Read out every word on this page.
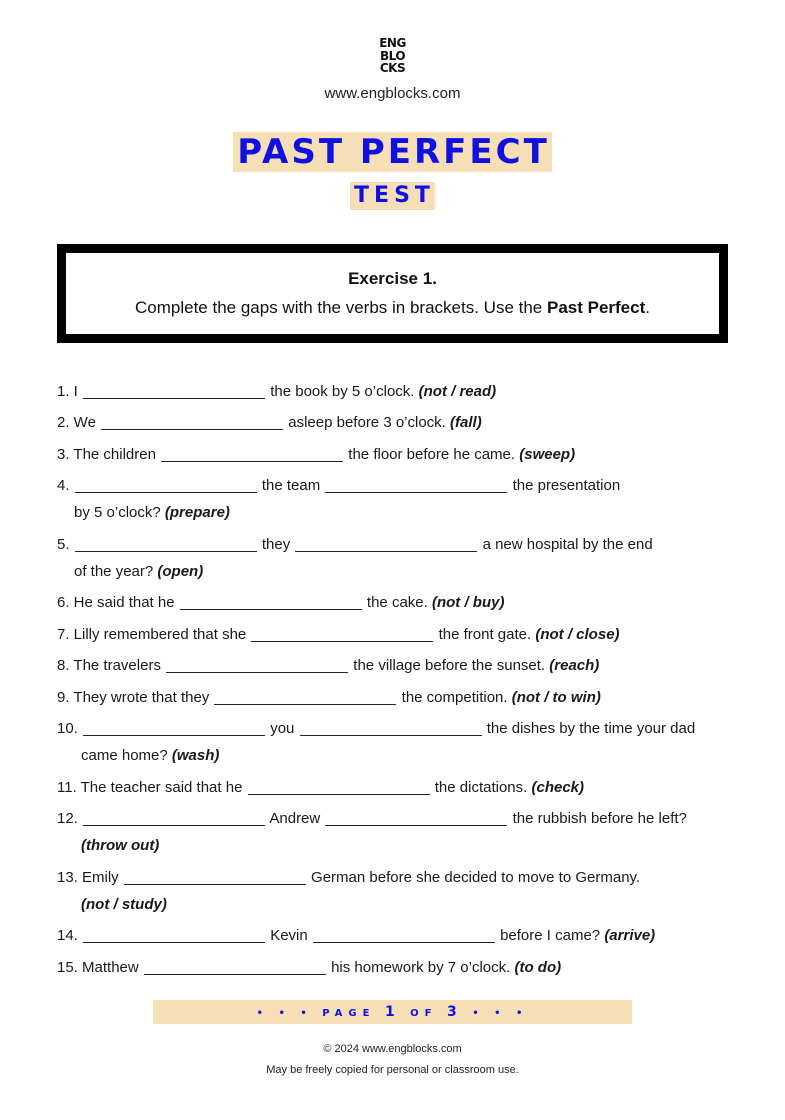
ENG
BLO
CKS
www.engblocks.com
PAST PERFECT
TEST
Exercise 1.
Complete the gaps with the verbs in brackets. Use the Past Perfect.
1. I	the book by 5 o’clock. (not / read)
2. We	asleep before 3 o’clock. (fall)
3. The children	the floor before he came. (sweep)
4.	the team	the presentation
by 5 o’clock? (prepare)
5.	they	a new hospital by the end
of the year? (open)
6. He said that he	the cake. (not / buy)
7. Lilly remembered that she	the front gate. (not / close)
8. The travelers	the village before the sunset. (reach)
9. They wrote that they	the competition. (not / to win)
10.	you	the dishes by the time your dad
came home? (wash)
11. The teacher said that he	the dictations. (check)
12.	Andrew	the rubbish before he left?
(throw out)
13. Emily	German before she decided to move to Germany.
(not / study)
14.	Kevin	before I came? (arrive)
15. Matthew	his homework by 7 o’clock. (to do)
• • • PAGE 1 OF 3 • • •
© 2024 www.engblocks.com
May be freely copied for personal or classroom use.
